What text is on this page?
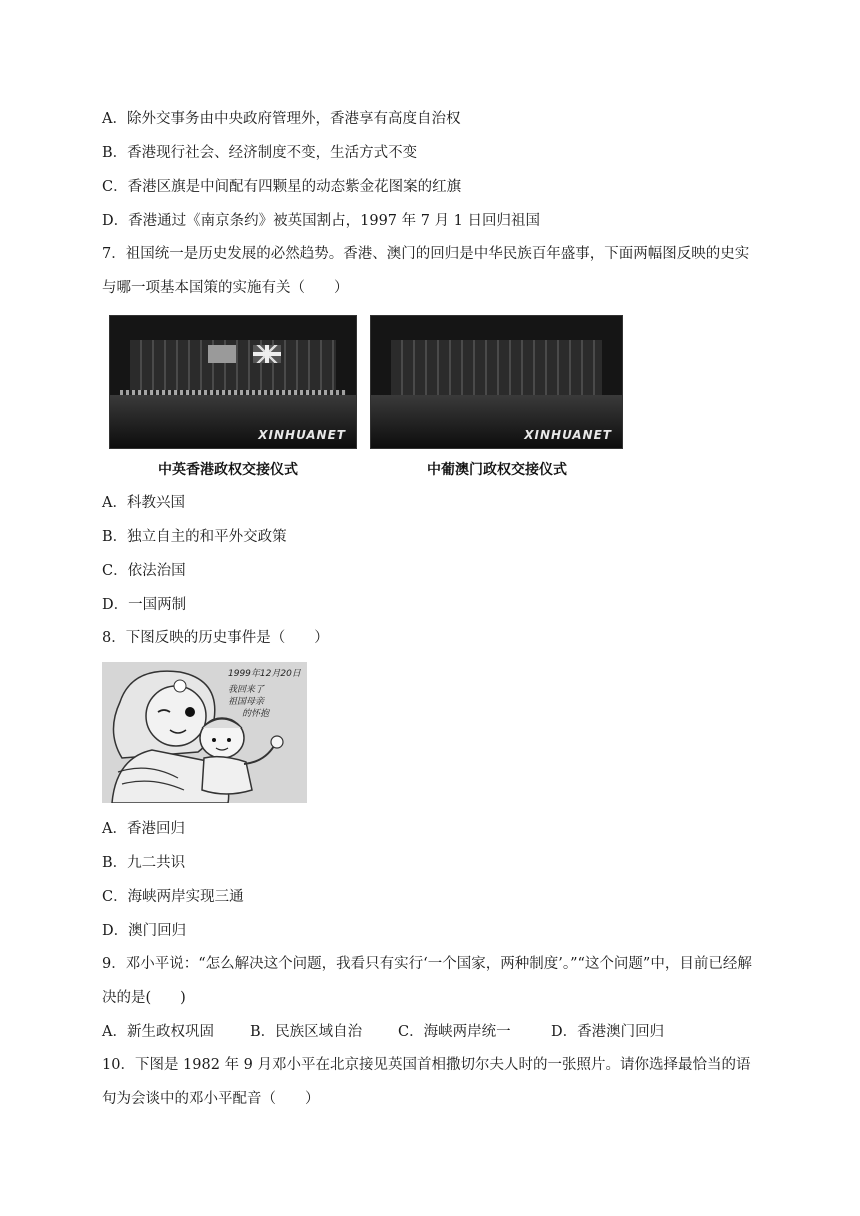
A．除外交事务由中央政府管理外，香港享有高度自治权
B．香港现行社会、经济制度不变，生活方式不变
C．香港区旗是中间配有四颗星的动态紫金花图案的红旗
D．香港通过《南京条约》被英国割占，1997 年 7 月 1 日回归祖国
7．祖国统一是历史发展的必然趋势。香港、澳门的回归是中华民族百年盛事，下面两幅图反映的史实与哪一项基本国策的实施有关（　　）
XINHUANET	XINHUANET
中英香港政权交接仪式	中葡澳门政权交接仪式
A．科教兴国
B．独立自主的和平外交政策
C．依法治国
D．一国两制
8．下图反映的历史事件是（　　）
1999年12月20日
我回来了
祖国母亲
的怀抱
A．香港回归
B．九二共识
C．海峡两岸实现三通
D．澳门回归
9．邓小平说：“怎么解决这个问题，我看只有实行‘一个国家，两种制度’。”“这个问题”中，目前已经解决的是(　　)
A．新生政权巩固 B．民族区域自治 C．海峡两岸统一	D．香港澳门回归
10．下图是 1982 年 9 月邓小平在北京接见英国首相撒切尔夫人时的一张照片。请你选择最恰当的语句为会谈中的邓小平配音（　　）
